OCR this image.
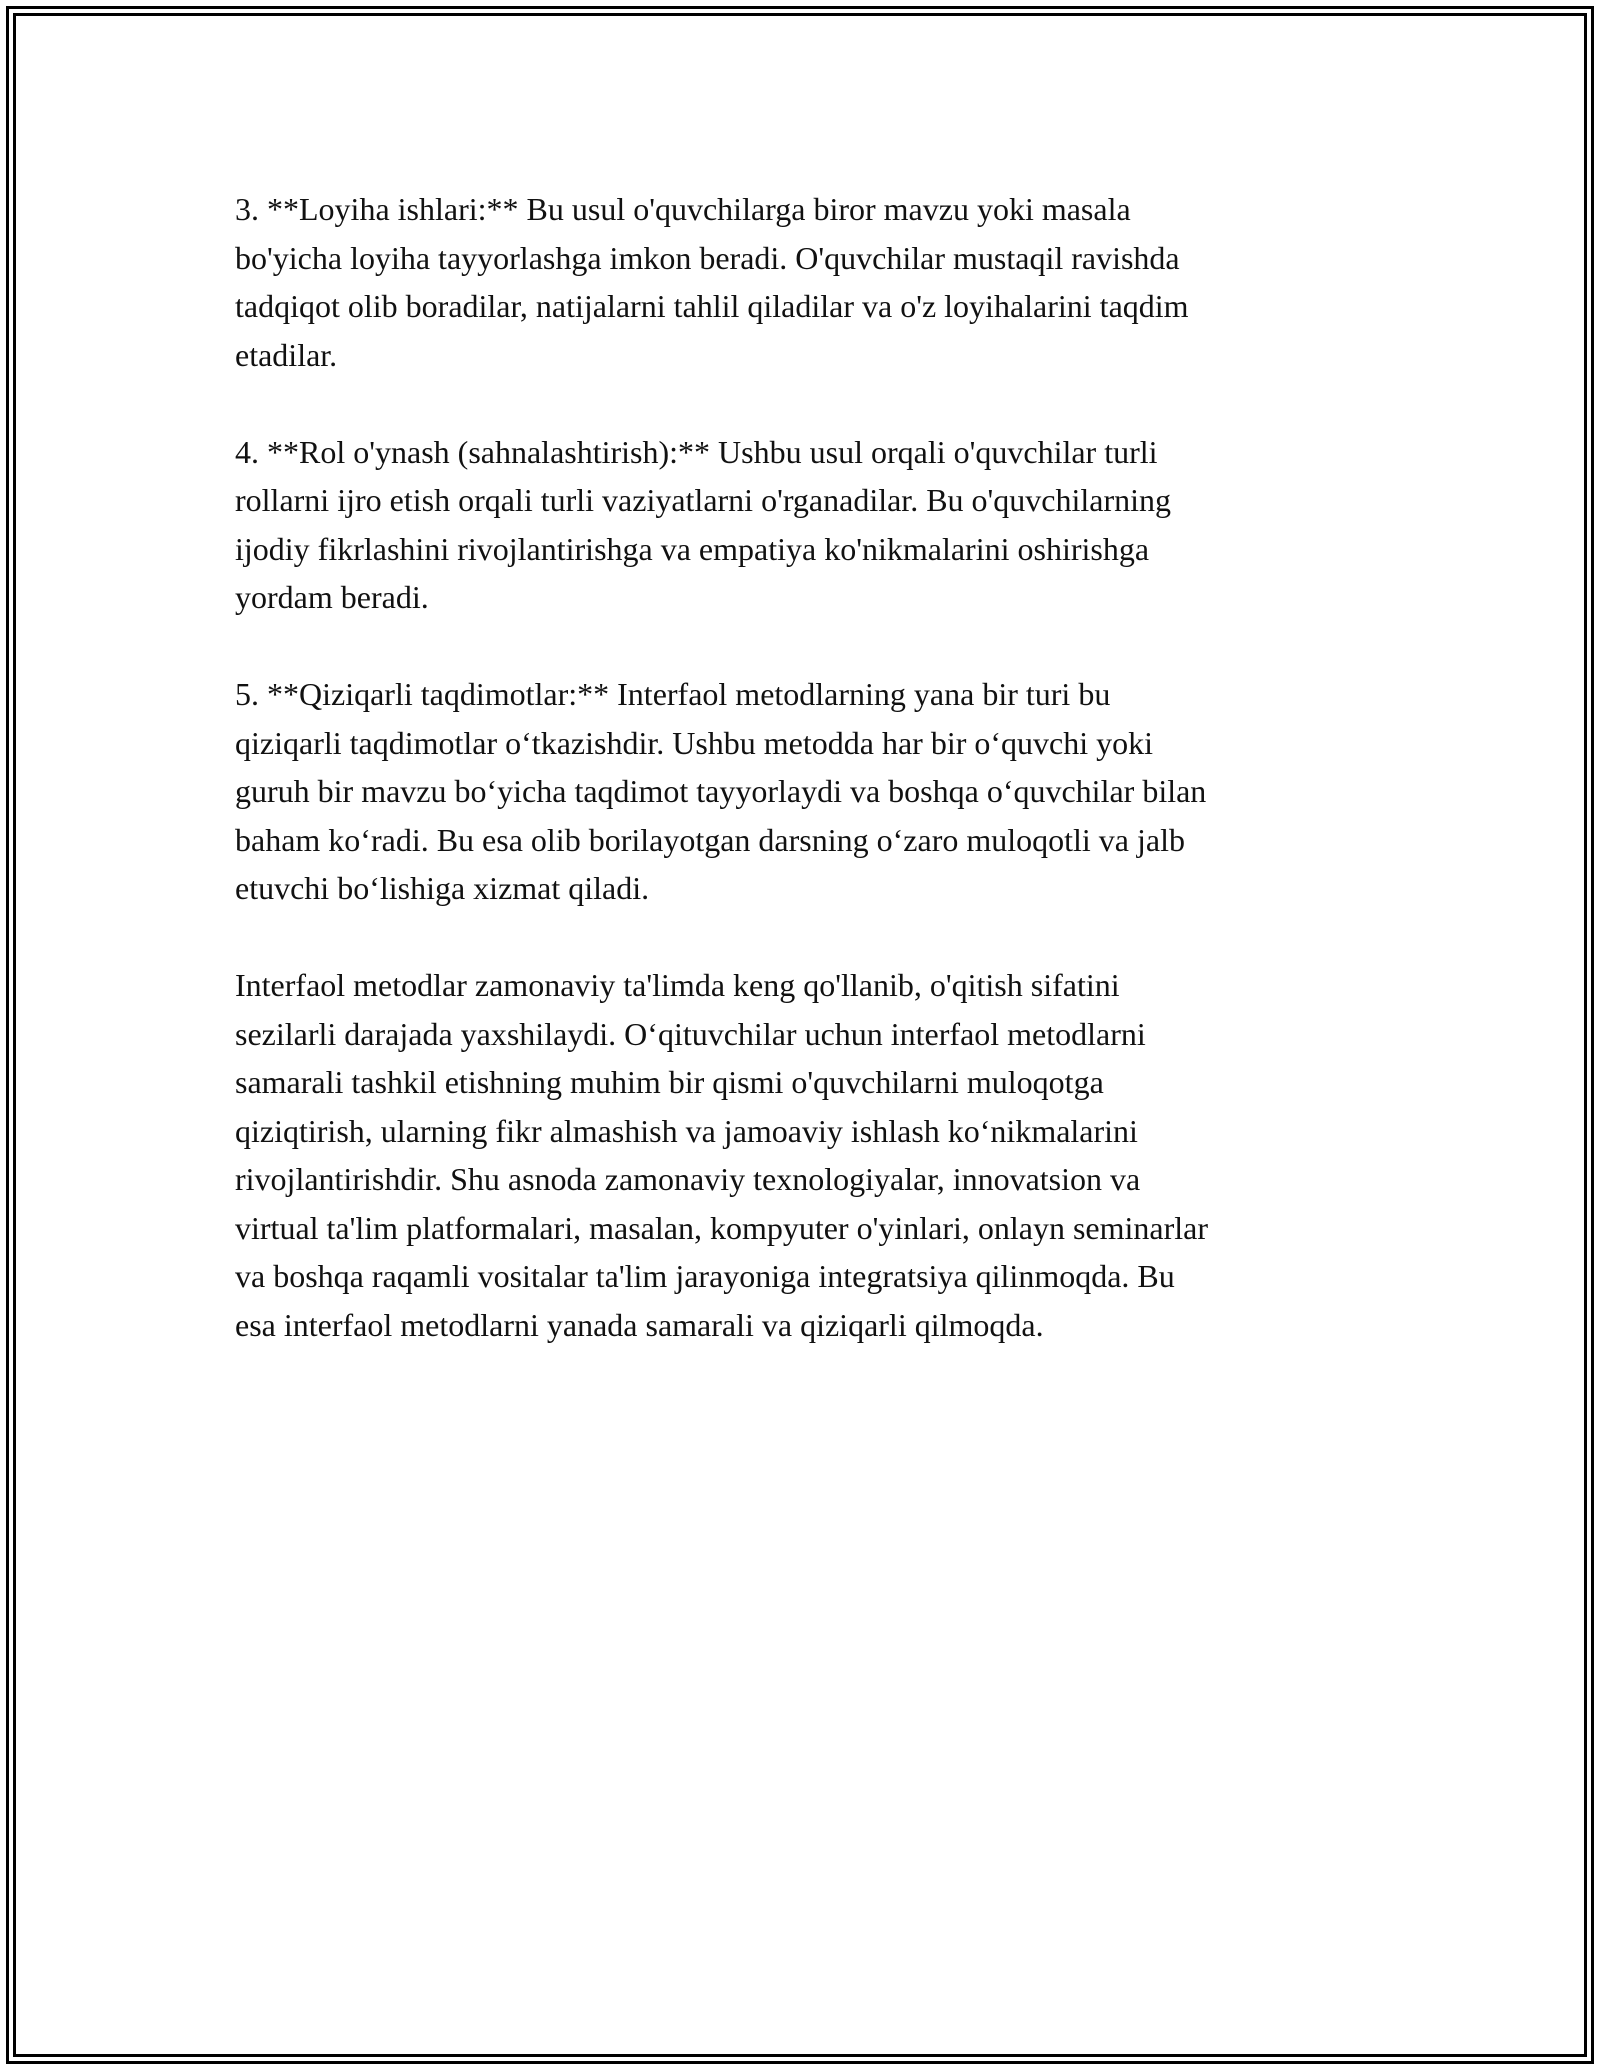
3. **Loyiha ishlari:** Bu usul o'quvchilarga biror mavzu yoki masala
bo'yicha loyiha tayyorlashga imkon beradi. O'quvchilar mustaqil ravishda
tadqiqot olib boradilar, natijalarni tahlil qiladilar va o'z loyihalarini taqdim
etadilar.

4. **Rol o'ynash (sahnalashtirish):** Ushbu usul orqali o'quvchilar turli
rollarni ijro etish orqali turli vaziyatlarni o'rganadilar. Bu o'quvchilarning
ijodiy fikrlashini rivojlantirishga va empatiya ko'nikmalarini oshirishga
yordam beradi.

5. **Qiziqarli taqdimotlar:** Interfaol metodlarning yana bir turi bu
qiziqarli taqdimotlar o‘tkazishdir. Ushbu metodda har bir o‘quvchi yoki
guruh bir mavzu bo‘yicha taqdimot tayyorlaydi va boshqa o‘quvchilar bilan
baham ko‘radi. Bu esa olib borilayotgan darsning o‘zaro muloqotli va jalb
etuvchi bo‘lishiga xizmat qiladi.

Interfaol metodlar zamonaviy ta'limda keng qo'llanib, o'qitish sifatini
sezilarli darajada yaxshilaydi. O‘qituvchilar uchun interfaol metodlarni
samarali tashkil etishning muhim bir qismi o'quvchilarni muloqotga
qiziqtirish, ularning fikr almashish va jamoaviy ishlash ko‘nikmalarini
rivojlantirishdir. Shu asnoda zamonaviy texnologiyalar, innovatsion va
virtual ta'lim platformalari, masalan, kompyuter o'yinlari, onlayn seminarlar
va boshqa raqamli vositalar ta'lim jarayoniga integratsiya qilinmoqda. Bu
esa interfaol metodlarni yanada samarali va qiziqarli qilmoqda.
